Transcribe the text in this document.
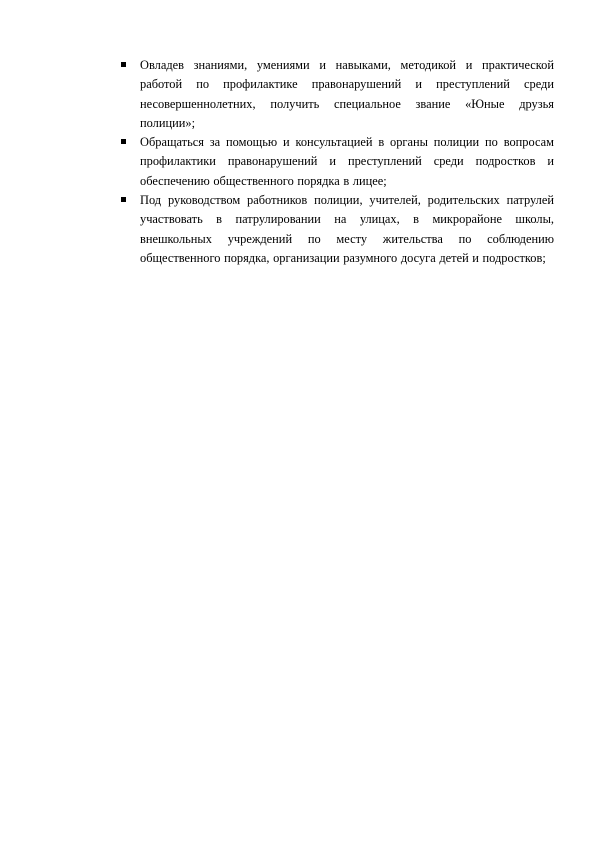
Овладев знаниями, умениями и навыками, методикой и практической работой по профилактике правонарушений и преступлений среди несовершеннолетних, получить специальное звание «Юные друзья полиции»;
Обращаться за помощью и консультацией в органы полиции по вопросам профилактики правонарушений и преступлений среди подростков и обеспечению общественного порядка в лицее;
Под руководством работников полиции, учителей, родительских патрулей участвовать в патрулировании на улицах, в микрорайоне школы, внешкольных учреждений по месту жительства по соблюдению общественного порядка, организации разумного досуга детей и подростков;
